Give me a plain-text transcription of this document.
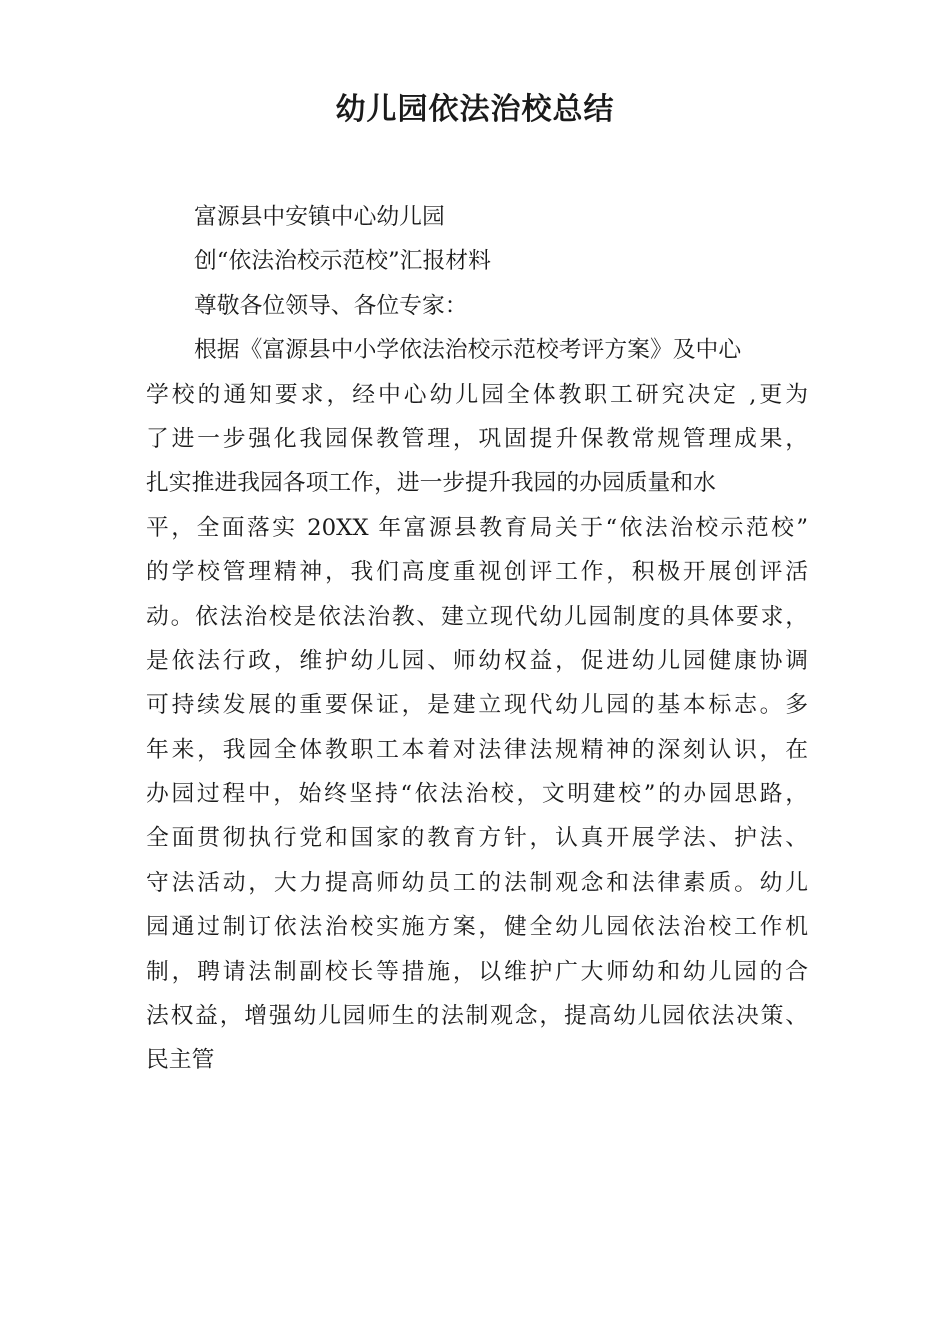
幼儿园依法治校总结
富源县中安镇中心幼儿园
创“依法治校示范校”汇报材料
尊敬各位领导、各位专家：
根据《富源县中小学依法治校示范校考评方案》及中心
学校的通知要求，经中心幼儿园全体教职工研究决定 ,更为
了进一步强化我园保教管理，巩固提升保教常规管理成果，
扎实推进我园各项工作，进一步提升我园的办园质量和水
平，全面落实 20XX 年富源县教育局关于“依法治校示范校”
的学校管理精神，我们高度重视创评工作，积极开展创评活
动。依法治校是依法治教、建立现代幼儿园制度的具体要求，
是依法行政，维护幼儿园、师幼权益，促进幼儿园健康协调
可持续发展的重要保证，是建立现代幼儿园的基本标志。多
年来，我园全体教职工本着对法律法规精神的深刻认识，在
办园过程中，始终坚持“依法治校，文明建校”的办园思路，
全面贯彻执行党和国家的教育方针，认真开展学法、护法、
守法活动，大力提高师幼员工的法制观念和法律素质。幼儿
园通过制订依法治校实施方案，健全幼儿园依法治校工作机
制，聘请法制副校长等措施，以维护广大师幼和幼儿园的合
法权益，增强幼儿园师生的法制观念，提高幼儿园依法决策、
民主管
